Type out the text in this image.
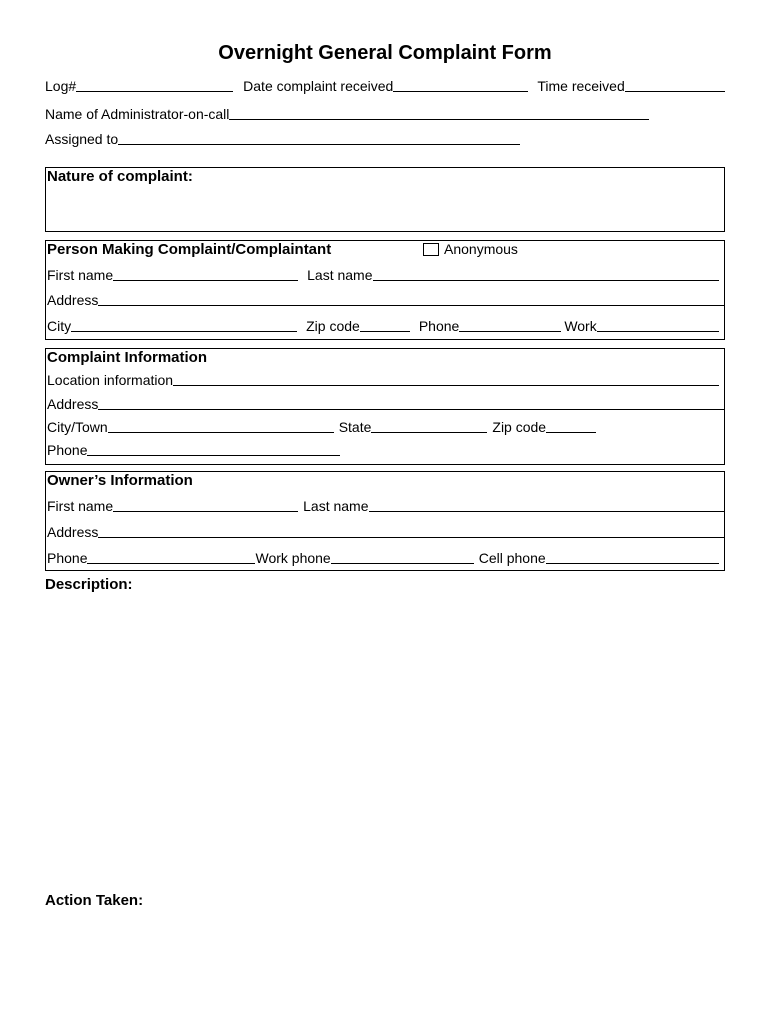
Overnight General Complaint Form
Log#	Date complaint received	Time received
Name of Administrator-on-call
Assigned to
Nature of complaint:
Person Making Complaint/Complaintant	Anonymous
First name	Last name
Address
City	Zip code	Phone	Work
Complaint Information
Location information
Address
City/Town	State	Zip code
Phone
Owner’s Information
First name	Last name
Address
Phone	Work phone	Cell phone
Description:
Action Taken:
